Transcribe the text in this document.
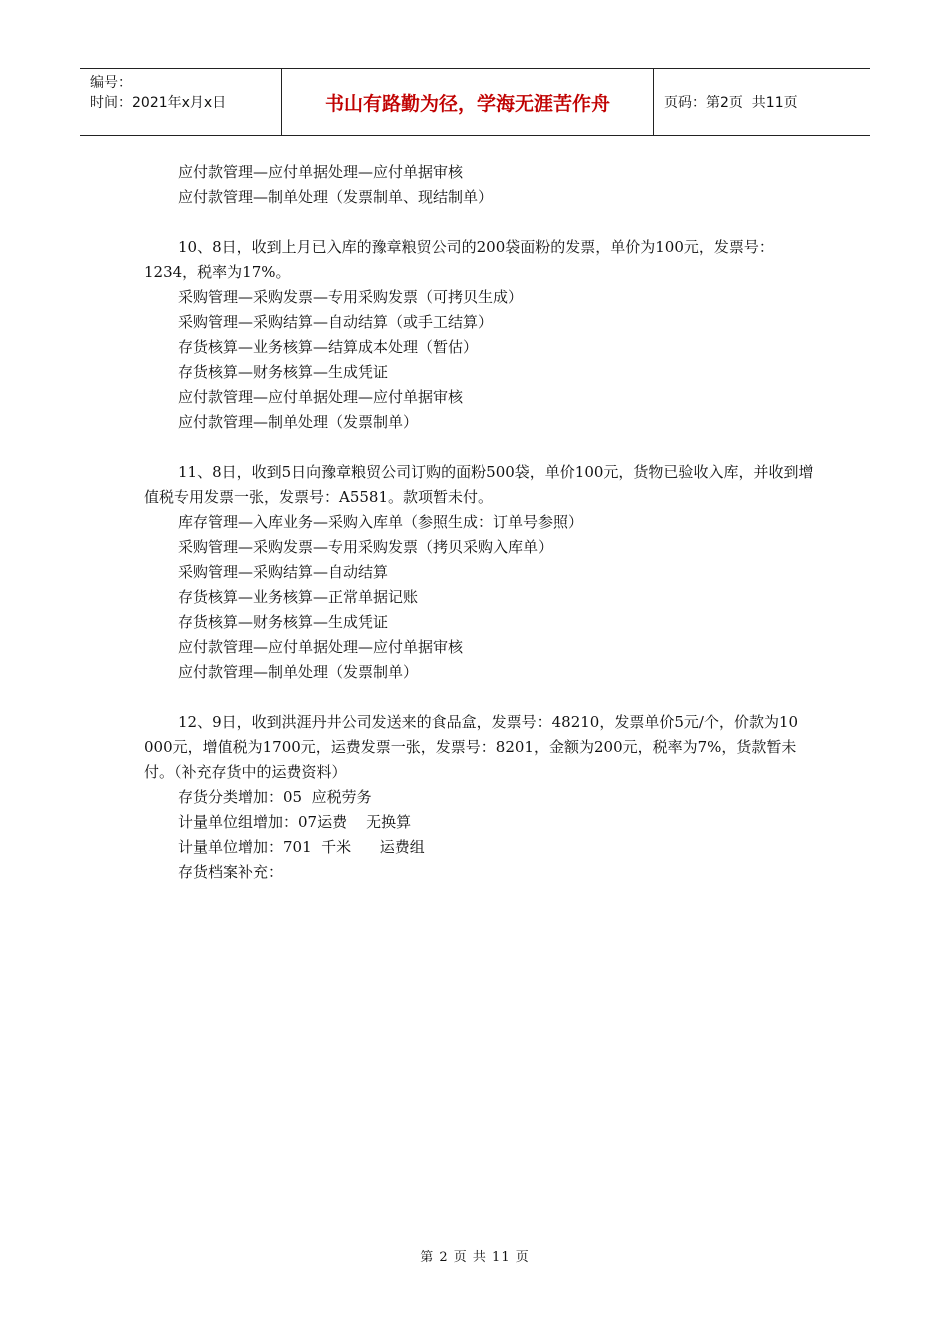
编号：
时间：2021年x月x日	书山有路勤为径，学海无涯苦作舟	页码：第2页  共11页
应付款管理—应付单据处理—应付单据审核
应付款管理—制单处理（发票制单、现结制单）
10、8日，收到上月已入库的豫章粮贸公司的200袋面粉的发票，单价为100元，发票号：1234，税率为17%。
采购管理—采购发票—专用采购发票（可拷贝生成）
采购管理—采购结算—自动结算（或手工结算）
存货核算—业务核算—结算成本处理（暂估）
存货核算—财务核算—生成凭证
应付款管理—应付单据处理—应付单据审核
应付款管理—制单处理（发票制单）
11、8日，收到5日向豫章粮贸公司订购的面粉500袋，单价100元，货物已验收入库，并收到增值税专用发票一张，发票号：A5581。款项暂未付。
库存管理—入库业务—采购入库单（参照生成：订单号参照）
采购管理—采购发票—专用采购发票（拷贝采购入库单）
采购管理—采购结算—自动结算
存货核算—业务核算—正常单据记账
存货核算—财务核算—生成凭证
应付款管理—应付单据处理—应付单据审核
应付款管理—制单处理（发票制单）
12、9日，收到洪涯丹井公司发送来的食品盒，发票号：48210，发票单价5元/个，价款为10 000元，增值税为1700元，运费发票一张，发票号：8201，金额为200元，税率为7%，货款暂未付。（补充存货中的运费资料）
存货分类增加：05  应税劳务
计量单位组增加：07运费    无换算
计量单位增加：701  千米      运费组
存货档案补充：
第 2 页 共 11 页
